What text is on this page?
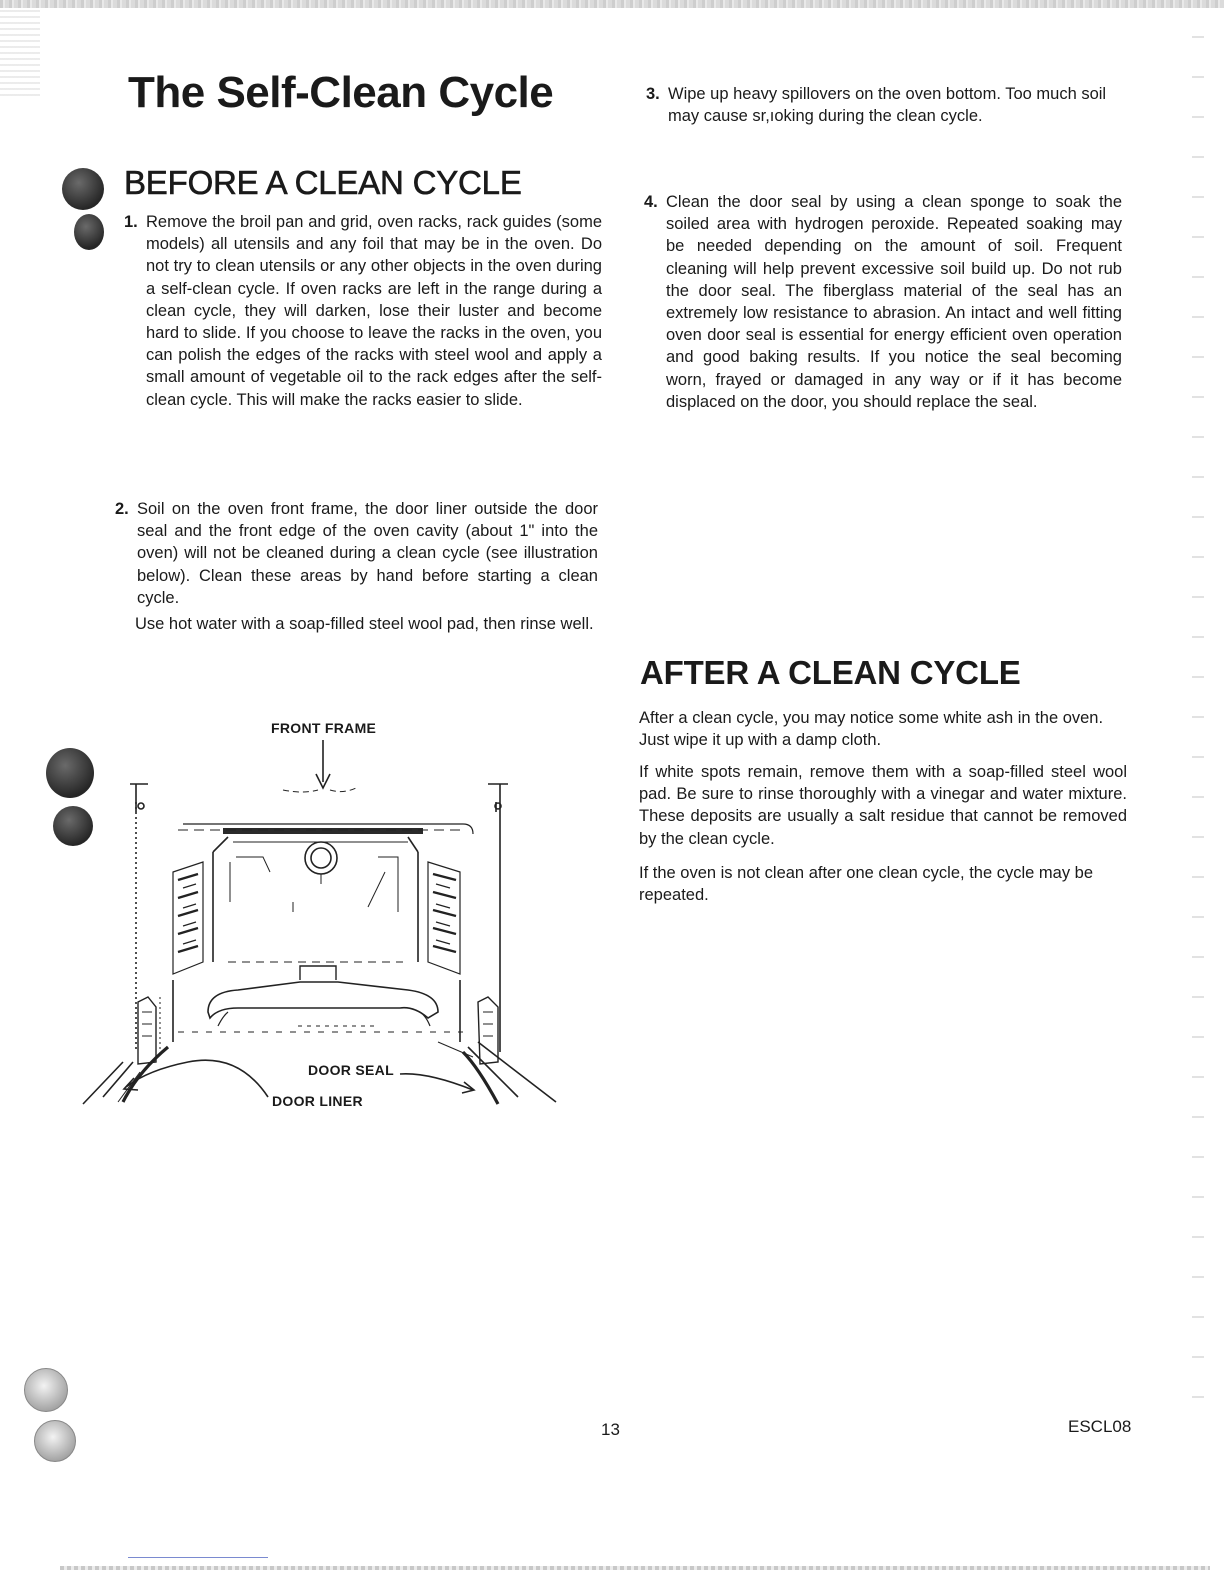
The Self-Clean Cycle
BEFORE A CLEAN CYCLE
1. Remove the broil pan and grid, oven racks, rack guides (some models) all utensils and any foil that may be in the oven. Do not try to clean utensils or any other objects in the oven during a self-clean cycle. If oven racks are left in the range during a clean cycle, they will darken, lose their luster and become hard to slide. If you choose to leave the racks in the oven, you can polish the edges of the racks with steel wool and apply a small amount of vegetable oil to the rack edges after the self-clean cycle. This will make the racks easier to slide.
2. Soil on the oven front frame, the door liner outside the door seal and the front edge of the oven cavity (about 1" into the oven) will not be cleaned during a clean cycle (see illustration below). Clean these areas by hand before starting a clean cycle.

Use hot water with a soap-filled steel wool pad, then rinse well.

3. Wipe up heavy spillovers on the oven bottom. Too much soil may cause sr,ıoking during the clean cycle.
4. Clean the door seal by using a clean sponge to soak the soiled area with hydrogen peroxide. Repeated soaking may be needed depending on the amount of soil. Frequent cleaning will help prevent excessive soil build up. Do not rub the door seal. The fiberglass material of the seal has an extremely low resistance to abrasion. An intact and well fitting oven door seal is essential for energy efficient oven operation and good baking results. If you notice the seal becoming worn, frayed or damaged in any way or if it has become displaced on the door, you should replace the seal.
FRONT FRAME
DOOR SEAL
DOOR LINER
AFTER A CLEAN CYCLE

After a clean cycle, you may notice some white ash in the oven. Just wipe it up with a damp cloth.

If white spots remain, remove them with a soap-filled steel wool pad. Be sure to rinse thoroughly with a vinegar and water mixture. These deposits are usually a salt residue that cannot be removed by the clean cycle.

If the oven is not clean after one clean cycle, the cycle may be repeated.

13	ESCL08
